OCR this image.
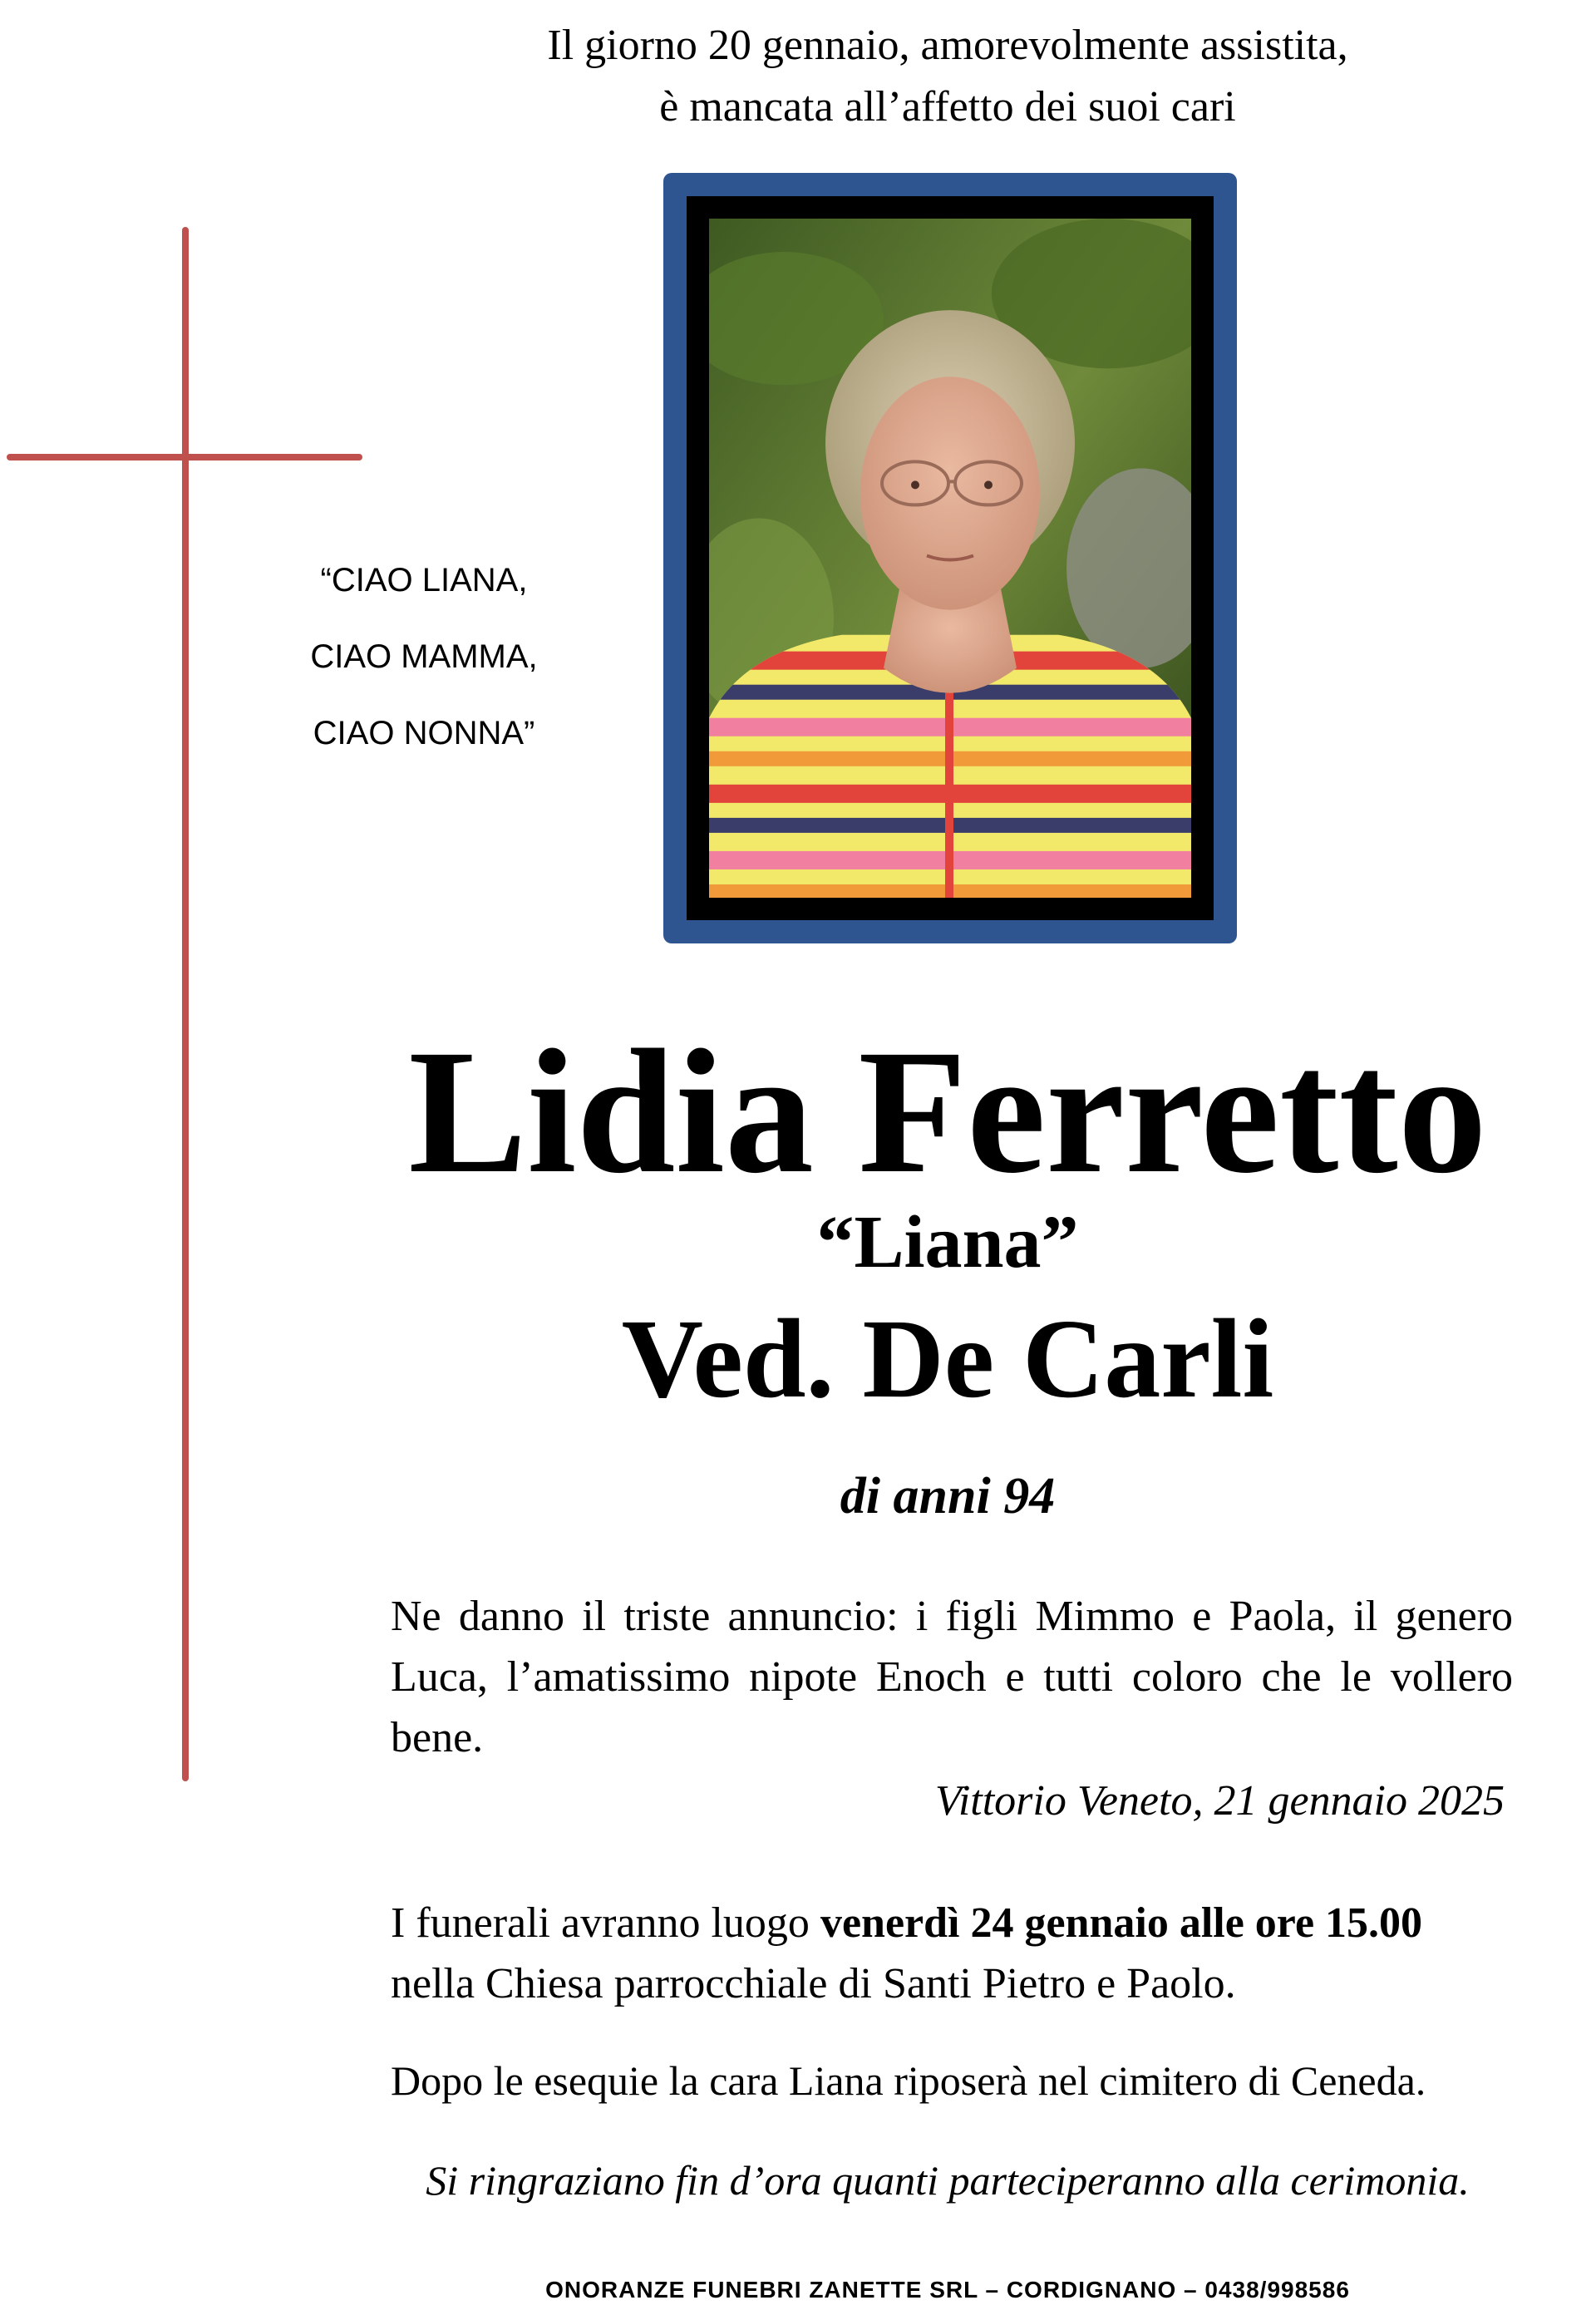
Il giorno 20 gennaio, amorevolmente assistita,
è mancata all’affetto dei suoi cari
“CIAO LIANA,
CIAO MAMMA,
CIAO NONNA”
Lidia Ferretto
“Liana”
Ved. De Carli
di anni 94
Ne danno il triste annuncio: i figli Mimmo e Paola, il genero Luca, l’amatissimo nipote Enoch e tutti coloro che le vollero bene.
Vittorio Veneto, 21 gennaio 2025
I funerali avranno luogo venerdì 24 gennaio alle ore 15.00
nella Chiesa parrocchiale di Santi Pietro e Paolo.
Dopo le esequie la cara Liana riposerà nel cimitero di Ceneda.
Si ringraziano fin d’ora quanti parteciperanno alla cerimonia.
ONORANZE FUNEBRI ZANETTE SRL – CORDIGNANO – 0438/998586
